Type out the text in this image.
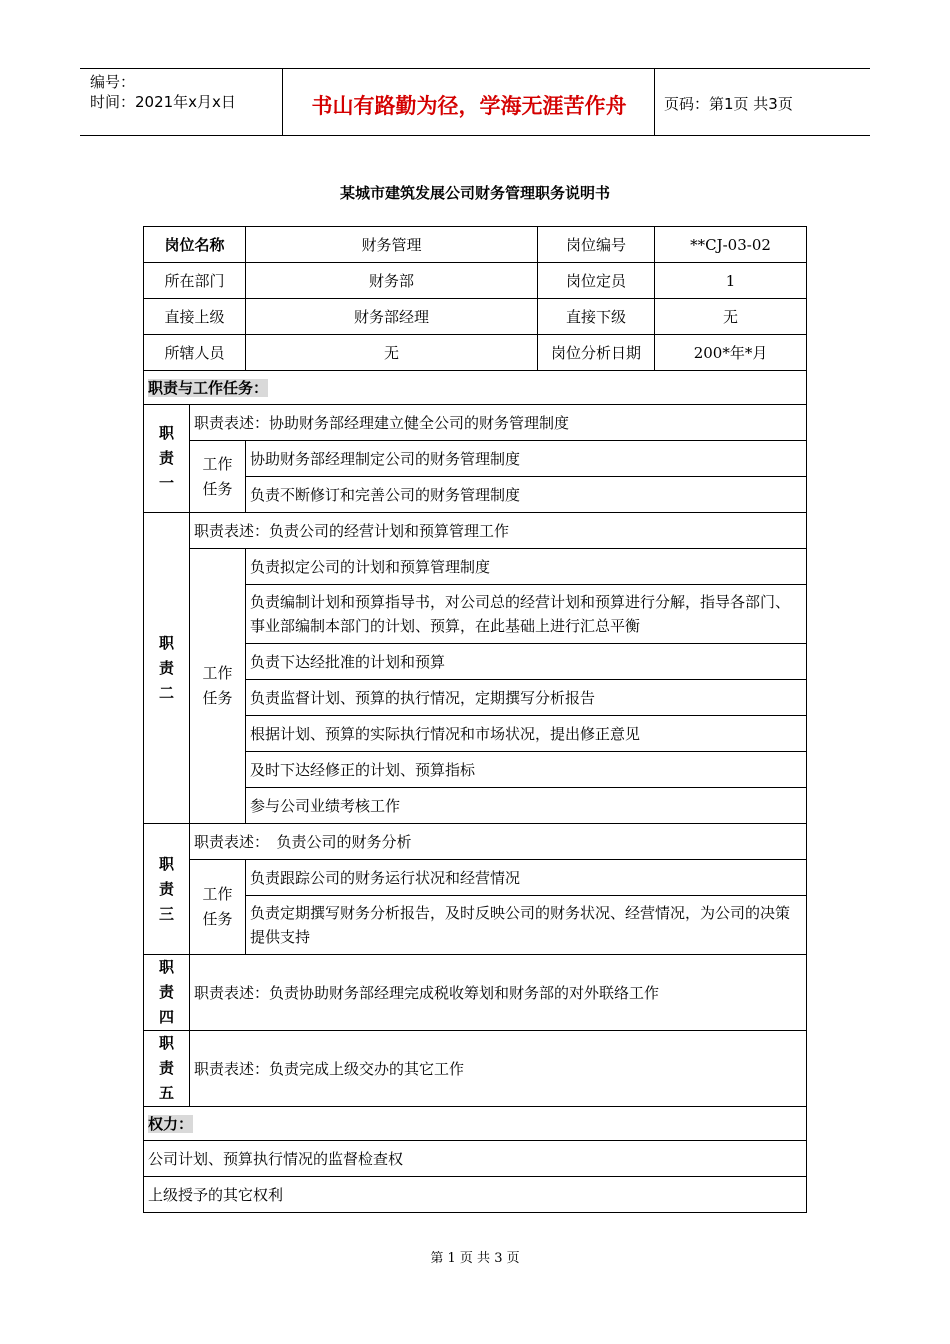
编号：
时间：2021年x月x日	书山有路勤为径，学海无涯苦作舟	页码：第1页 共3页
某城市建筑发展公司财务管理职务说明书
岗位名称		财务管理	岗位编号	**CJ-03-02
所在部门		财务部	岗位定员	1
直接上级		财务部经理	直接下级	无
所辖人员		无	岗位分析日期	200*年*月
职责与工作任务：				
职责一	职责表述：协助财务部经理建立健全公司的财务管理制度			
	工作任务	协助财务部经理制定公司的财务管理制度		
		负责不断修订和完善公司的财务管理制度		
职责二	职责表述：负责公司的经营计划和预算管理工作			
	工作任务	负责拟定公司的计划和预算管理制度		
		负责编制计划和预算指导书，对公司总的经营计划和预算进行分解，指导各部门、事业部编制本部门的计划、预算，在此基础上进行汇总平衡		
		负责下达经批准的计划和预算		
		负责监督计划、预算的执行情况，定期撰写分析报告		
		根据计划、预算的实际执行情况和市场状况，提出修正意见		
		及时下达经修正的计划、预算指标		
		参与公司业绩考核工作		
职责三	职责表述：　负责公司的财务分析			
	工作任务	负责跟踪公司的财务运行状况和经营情况		
		负责定期撰写财务分析报告，及时反映公司的财务状况、经营情况，为公司的决策提供支持		
职责四	职责表述：负责协助财务部经理完成税收筹划和财务部的对外联络工作			
职责五	职责表述：负责完成上级交办的其它工作			
权力：				
公司计划、预算执行情况的监督检查权				
上级授予的其它权利				
第 1 页 共 3 页
